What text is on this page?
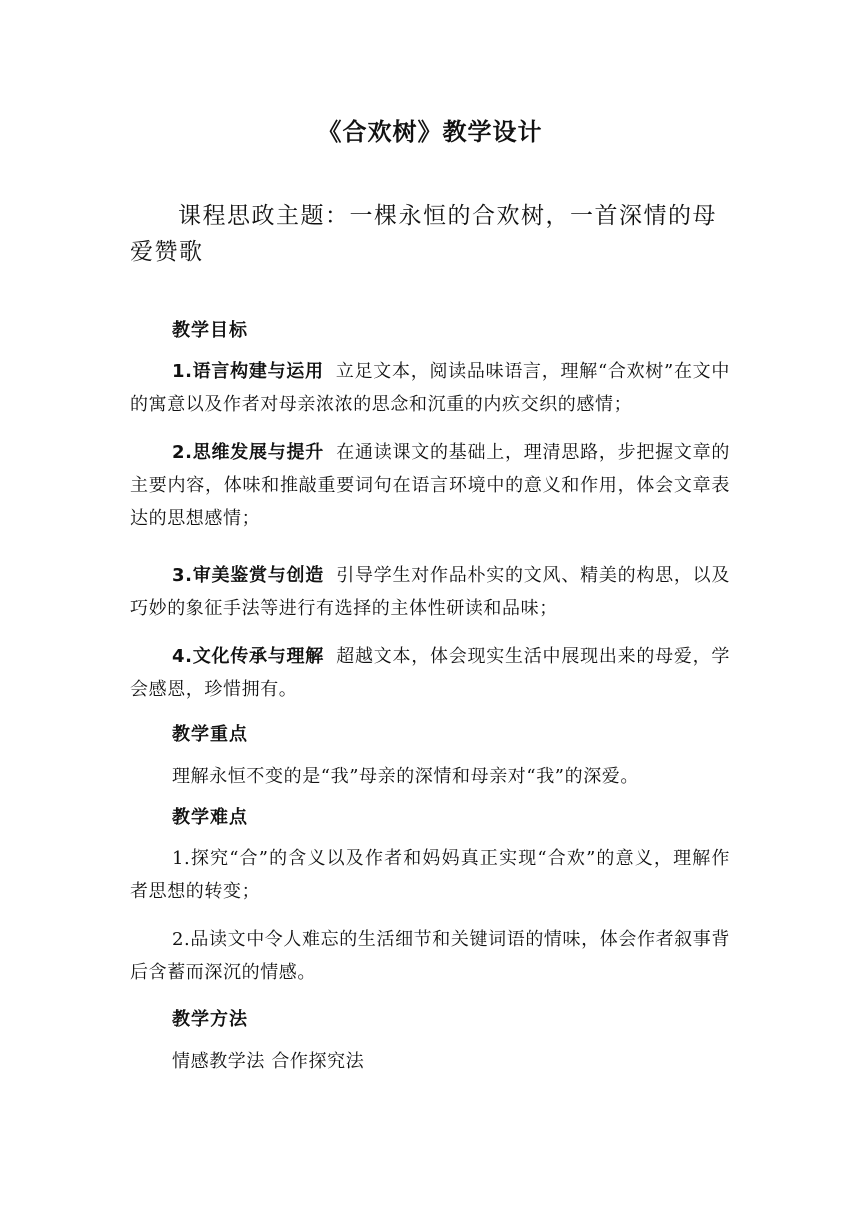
《合欢树》教学设计
课程思政主题：一棵永恒的合欢树，一首深情的母爱赞歌
教学目标
1.语言构建与运用 立足文本，阅读品味语言，理解“合欢树”在文中的寓意以及作者对母亲浓浓的思念和沉重的内疚交织的感情；
2.思维发展与提升 在通读课文的基础上，理清思路，步把握文章的主要内容，体味和推敲重要词句在语言环境中的意义和作用，体会文章表达的思想感情；
3.审美鉴赏与创造 引导学生对作品朴实的文风、精美的构思，以及巧妙的象征手法等进行有选择的主体性研读和品味；
4.文化传承与理解 超越文本，体会现实生活中展现出来的母爱，学会感恩，珍惜拥有。
教学重点
理解永恒不变的是“我”母亲的深情和母亲对“我”的深爱。
教学难点
1.探究“合”的含义以及作者和妈妈真正实现“合欢”的意义，理解作者思想的转变；
2.品读文中令人难忘的生活细节和关键词语的情味，体会作者叙事背后含蓄而深沉的情感。
教学方法
情感教学法 合作探究法
